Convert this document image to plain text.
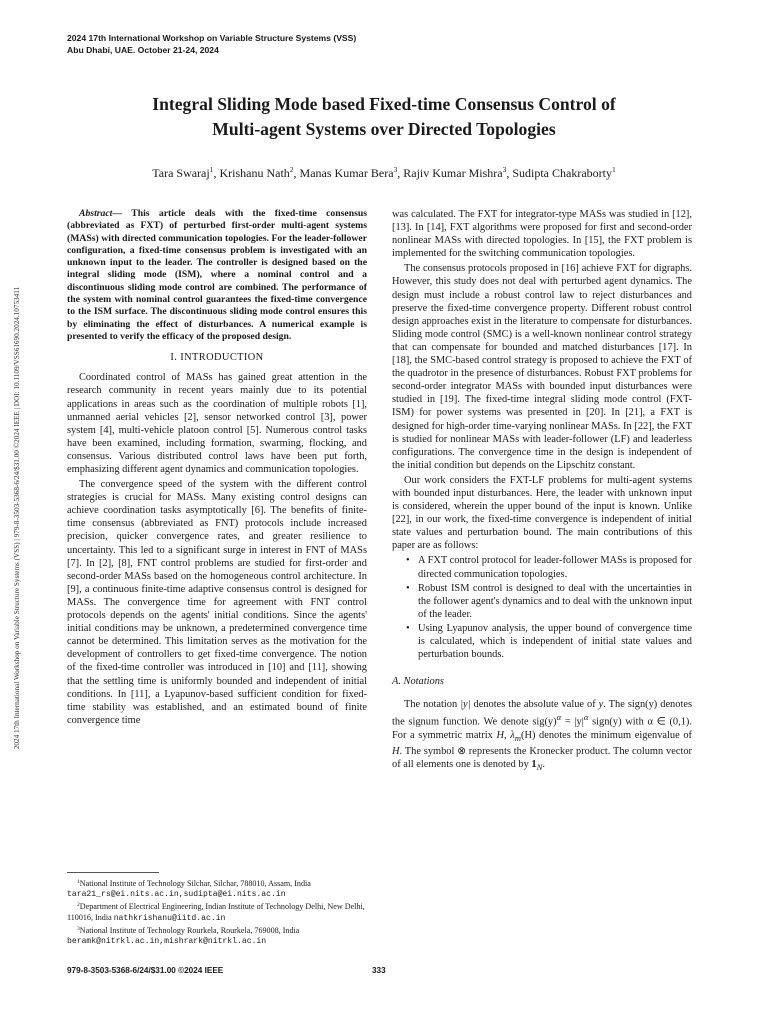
2024 17th International Workshop on Variable Structure Systems (VSS)
Abu Dhabi, UAE. October 21-24, 2024
2024 17th International Workshop on Variable Structure Systems (VSS) | 979-8-3503-5368-6/24/$31.00 ©2024 IEEE | DOI: 10.1109/VSS61690.2024.10753411
Integral Sliding Mode based Fixed-time Consensus Control of
Multi-agent Systems over Directed Topologies
Tara Swaraj$^1$, Krishanu Nath$^2$, Manas Kumar Bera$^3$, Rajiv Kumar Mishra$^3$, Sudipta Chakraborty$^1$

Abstract— This article deals with the fixed-time consensus (abbreviated as FXT) of perturbed first-order multi-agent systems (MASs) with directed communication topologies. For the leader-follower configuration, a fixed-time consensus problem is investigated with an unknown input to the leader. The controller is designed based on the integral sliding mode (ISM), where a nominal control and a discontinuous sliding mode control are combined. The performance of the system with nominal control guarantees the fixed-time convergence to the ISM surface. The discontinuous sliding mode control ensures this by eliminating the effect of disturbances. A numerical example is presented to verify the efficacy of the proposed design.

I. INTRODUCTION

Coordinated control of MASs has gained great attention in the research community in recent years mainly due to its potential applications in areas such as the coordination of multiple robots [1], unmanned aerial vehicles [2], sensor networked control [3], power system [4], multi-vehicle platoon control [5]. Numerous control tasks have been examined, including formation, swarming, flocking, and consensus. Various distributed control laws have been put forth, emphasizing different agent dynamics and communication topologies.

The convergence speed of the system with the different control strategies is crucial for MASs. Many existing control designs can achieve coordination tasks asymptotically [6]. The benefits of finite-time consensus (abbreviated as FNT) protocols include increased precision, quicker convergence rates, and greater resilience to uncertainty. This led to a significant surge in interest in FNT of MASs [7]. In [2], [8], FNT control problems are studied for first-order and second-order MASs based on the homogeneous control architecture. In [9], a continuous finite-time adaptive consensus control is designed for MASs. The convergence time for agreement with FNT control protocols depends on the agents' initial conditions. Since the agents' initial conditions may be unknown, a predetermined convergence time cannot be determined. This limitation serves as the motivation for the development of controllers to get fixed-time convergence. The notion of the fixed-time controller was introduced in [10] and [11], showing that the settling time is uniformly bounded and independent of initial conditions. In [11], a Lyapunov-based sufficient condition for fixed-time stability was established, and an estimated bound of finite convergence time

was calculated. The FXT for integrator-type MASs was studied in [12], [13]. In [14], FXT algorithms were proposed for first and second-order nonlinear MASs with directed topologies. In [15], the FXT problem is implemented for the switching communication topologies.

The consensus protocols proposed in [16] achieve FXT for digraphs. However, this study does not deal with perturbed agent dynamics. The design must include a robust control law to reject disturbances and preserve the fixed-time convergence property. Different robust control design approaches exist in the literature to compensate for disturbances. Sliding mode control (SMC) is a well-known nonlinear control strategy that can compensate for bounded and matched disturbances [17]. In [18], the SMC-based control strategy is proposed to achieve the FXT of the quadrotor in the presence of disturbances. Robust FXT problems for second-order integrator MASs with bounded input disturbances were studied in [19]. The fixed-time integral sliding mode control (FXT-ISM) for power systems was presented in [20]. In [21], a FXT is designed for high-order time-varying nonlinear MASs. In [22], the FXT is studied for nonlinear MASs with leader-follower (LF) and leaderless configurations. The convergence time in the design is independent of the initial condition but depends on the Lipschitz constant.

Our work considers the FXT-LF problems for multi-agent systems with bounded input disturbances. Here, the leader with unknown input is considered, wherein the upper bound of the input is known. Unlike [22], in our work, the fixed-time convergence is independent of initial state values and perturbation bound. The main contributions of this paper are as follows:

• A FXT control protocol for leader-follower MASs is proposed for directed communication topologies.
• Robust ISM control is designed to deal with the uncertainties in the follower agent's dynamics and to deal with the unknown input of the leader.
• Using Lyapunov analysis, the upper bound of convergence time is calculated, which is independent of initial state values and perturbation bounds.
A. Notations

The notation |y| denotes the absolute value of y. The sign(y) denotes the signum function. We denote $sig(y)^\alpha = |y|^\alpha$ sign(y) with α ∈ (0,1). For a symmetric matrix H, $\lambda_m(H)$ denotes the minimum eigenvalue of H. The symbol ⊗ represents the Kronecker product. The column vector of all elements one is denoted by $1_N$.

$^1$National Institute of Technology Silchar, Silchar, 788010, Assam, India tara21_rs@ei.nits.ac.in,sudipta@ei.nits.ac.in

$^2$Department of Electrical Engineering, Indian Institute of Technology Delhi, New Delhi, 110016, India nathkrishanu@iitd.ac.in

$^3$National Institute of Technology Rourkela, Rourkela, 769008, India beramk@nitrkl.ac.in,mishrark@nitrkl.ac.in

979-8-3503-5368-6/24/$31.00 ©2024 IEEE	333
